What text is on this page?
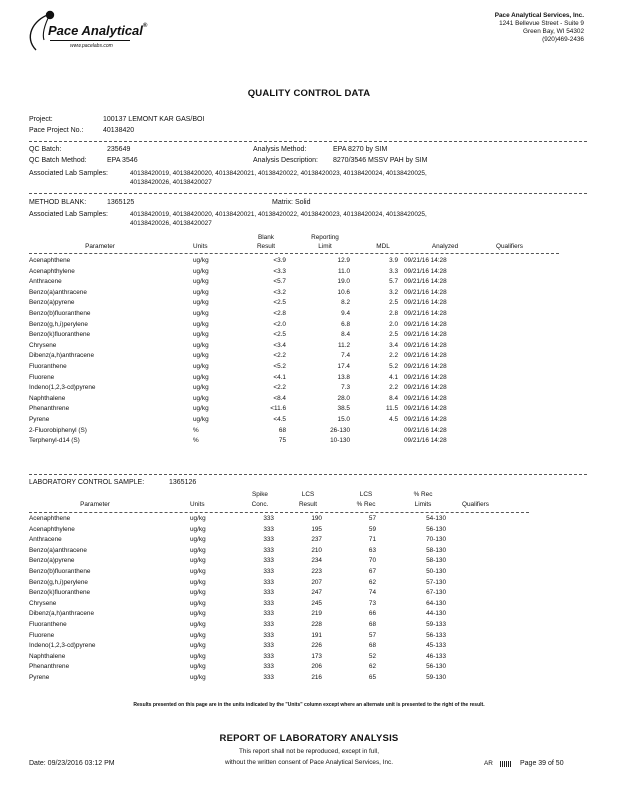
Pace Analytical®
www.pacelabs.com
Pace Analytical Services, Inc.
1241 Bellevue Street - Suite 9
Green Bay, WI 54302
(920)469-2436
QUALITY CONTROL DATA
Project:	100137 LEMONT KAR GAS/BOI
Pace Project No.:	40138420
QC Batch:	235649	Analysis Method:	EPA 8270 by SIM
QC Batch Method:	EPA 3546	Analysis Description: 8270/3546 MSSV PAH by SIM
Associated Lab Samples:	40138420019, 40138420020, 40138420021, 40138420022, 40138420023, 40138420024, 40138420025,
40138420026, 40138420027
METHOD BLANK:	1365125	Matrix: Solid
Associated Lab Samples:	40138420019, 40138420020, 40138420021, 40138420022, 40138420023, 40138420024, 40138420025,
40138420026, 40138420027
Parameter	Units
Blank
Result
Reporting
Limit	MDL	Analyzed	Qualifiers
Acenaphthene	ug/kg	<3.9	12.9	3.9 09/21/16 14:28
Acenaphthylene	ug/kg	<3.3	11.0	3.3 09/21/16 14:28
Anthracene	ug/kg	<5.7	19.0	5.7 09/21/16 14:28
Benzo(a)anthracene	ug/kg	<3.2	10.6	3.2 09/21/16 14:28
Benzo(a)pyrene	ug/kg	<2.5	8.2	2.5 09/21/16 14:28
Benzo(b)fluoranthene	ug/kg	<2.8	9.4	2.8 09/21/16 14:28
Benzo(g,h,i)perylene	ug/kg	<2.0	6.8	2.0 09/21/16 14:28
Benzo(k)fluoranthene	ug/kg	<2.5	8.4	2.5 09/21/16 14:28
Chrysene	ug/kg	<3.4	11.2	3.4 09/21/16 14:28
Dibenz(a,h)anthracene	ug/kg	<2.2	7.4	2.2 09/21/16 14:28
Fluoranthene	ug/kg	<5.2	17.4	5.2 09/21/16 14:28
Fluorene	ug/kg	<4.1	13.8	4.1 09/21/16 14:28
Indeno(1,2,3-cd)pyrene	ug/kg	<2.2	7.3	2.2 09/21/16 14:28
Naphthalene	ug/kg	<8.4	28.0	8.4 09/21/16 14:28
Phenanthrene	ug/kg	<11.6	38.5	11.5 09/21/16 14:28
Pyrene	ug/kg	<4.5	15.0	4.5 09/21/16 14:28
2-Fluorobiphenyl (S)	%	68	26-130	09/21/16 14:28
Terphenyl-d14 (S)	%	75	10-130	09/21/16 14:28
LABORATORY CONTROL SAMPLE:	1365126
Parameter	Units
Spike
Conc.
LCS
Result
LCS
% Rec
% Rec
Limits	Qualifiers
Acenaphthene	ug/kg	333	190	57	54-130
Acenaphthylene	ug/kg	333	195	59	56-130
Anthracene	ug/kg	333	237	71	70-130
Benzo(a)anthracene	ug/kg	333	210	63	58-130
Benzo(a)pyrene	ug/kg	333	234	70	58-130
Benzo(b)fluoranthene	ug/kg	333	223	67	50-130
Benzo(g,h,i)perylene	ug/kg	333	207	62	57-130
Benzo(k)fluoranthene	ug/kg	333	247	74	67-130
Chrysene	ug/kg	333	245	73	64-130
Dibenz(a,h)anthracene	ug/kg	333	219	66	44-130
Fluoranthene	ug/kg	333	228	68	59-133
Fluorene	ug/kg	333	191	57	56-133
Indeno(1,2,3-cd)pyrene	ug/kg	333	226	68	45-133
Naphthalene	ug/kg	333	173	52	46-133
Phenanthrene	ug/kg	333	206	62	56-130
Pyrene	ug/kg	333	216	65	59-130
Results presented on this page are in the units indicated by the "Units" column except where an alternate unit is presented to the right of the result.
REPORT OF LABORATORY ANALYSIS
This report shall not be reproduced, except in full,
without the written consent of Pace Analytical Services, Inc.
Date: 09/23/2016 03:12 PM	AR	Page 39 of 50
